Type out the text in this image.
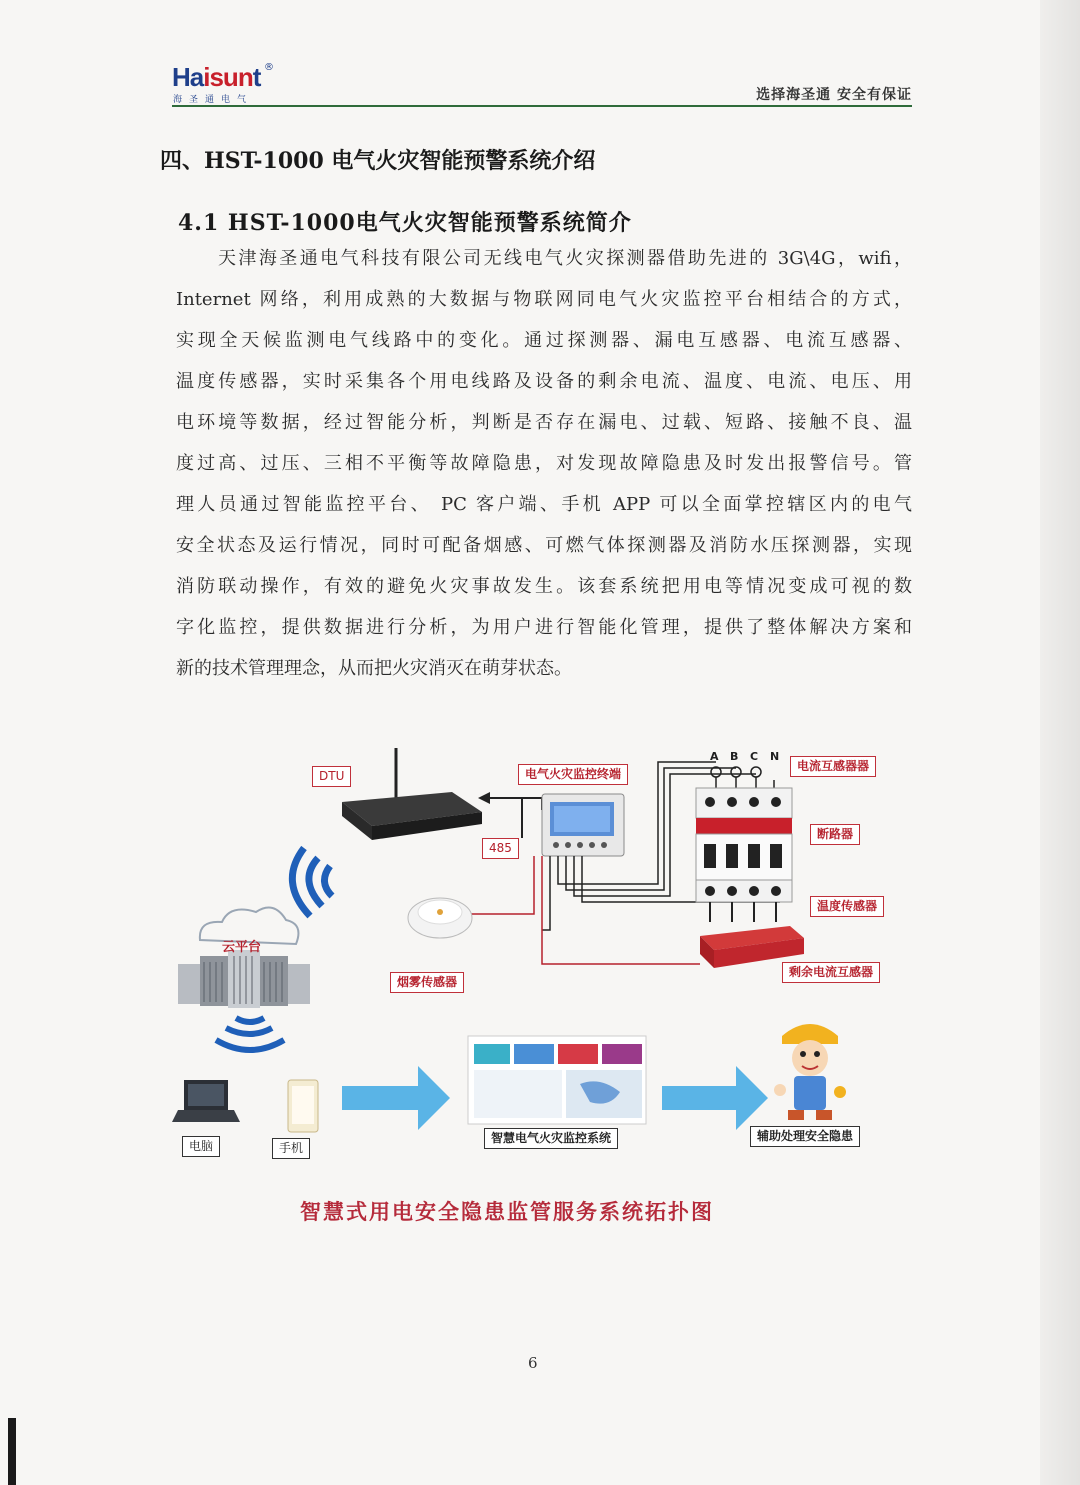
Haisunt ®
海圣通电气	选择海圣通 安全有保证
四、HST-1000 电气火灾智能预警系统介绍
4.1 HST-1000电气火灾智能预警系统简介
天津海圣通电气科技有限公司无线电气火灾探测器借助先进的 3G\4G，wifi，
Internet 网络，利用成熟的大数据与物联网同电气火灾监控平台相结合的方式，
实现全天候监测电气线路中的变化。通过探测器、漏电互感器、电流互感器、
温度传感器，实时采集各个用电线路及设备的剩余电流、温度、电流、电压、用
电环境等数据，经过智能分析，判断是否存在漏电、过载、短路、接触不良、温
度过高、过压、三相不平衡等故障隐患，对发现故障隐患及时发出报警信号。管
理人员通过智能监控平台、 PC 客户端、手机 APP 可以全面掌控辖区内的电气
安全状态及运行情况，同时可配备烟感、可燃气体探测器及消防水压探测器，实现
消防联动操作，有效的避免火灾事故发生。该套系统把用电等情况变成可视的数
字化监控，提供数据进行分析，为用户进行智能化管理，提供了整体解决方案和
新的技术管理理念，从而把火灾消灭在萌芽状态。
DTU	电气火灾监控终端
485
A B C N
电流互感器器
断路器
温度传感器
剩余电流互感器
烟雾传感器
云平台
电脑	手机
智慧电气火灾监控系统	辅助处理安全隐患
智慧式用电安全隐患监管服务系统拓扑图
6
